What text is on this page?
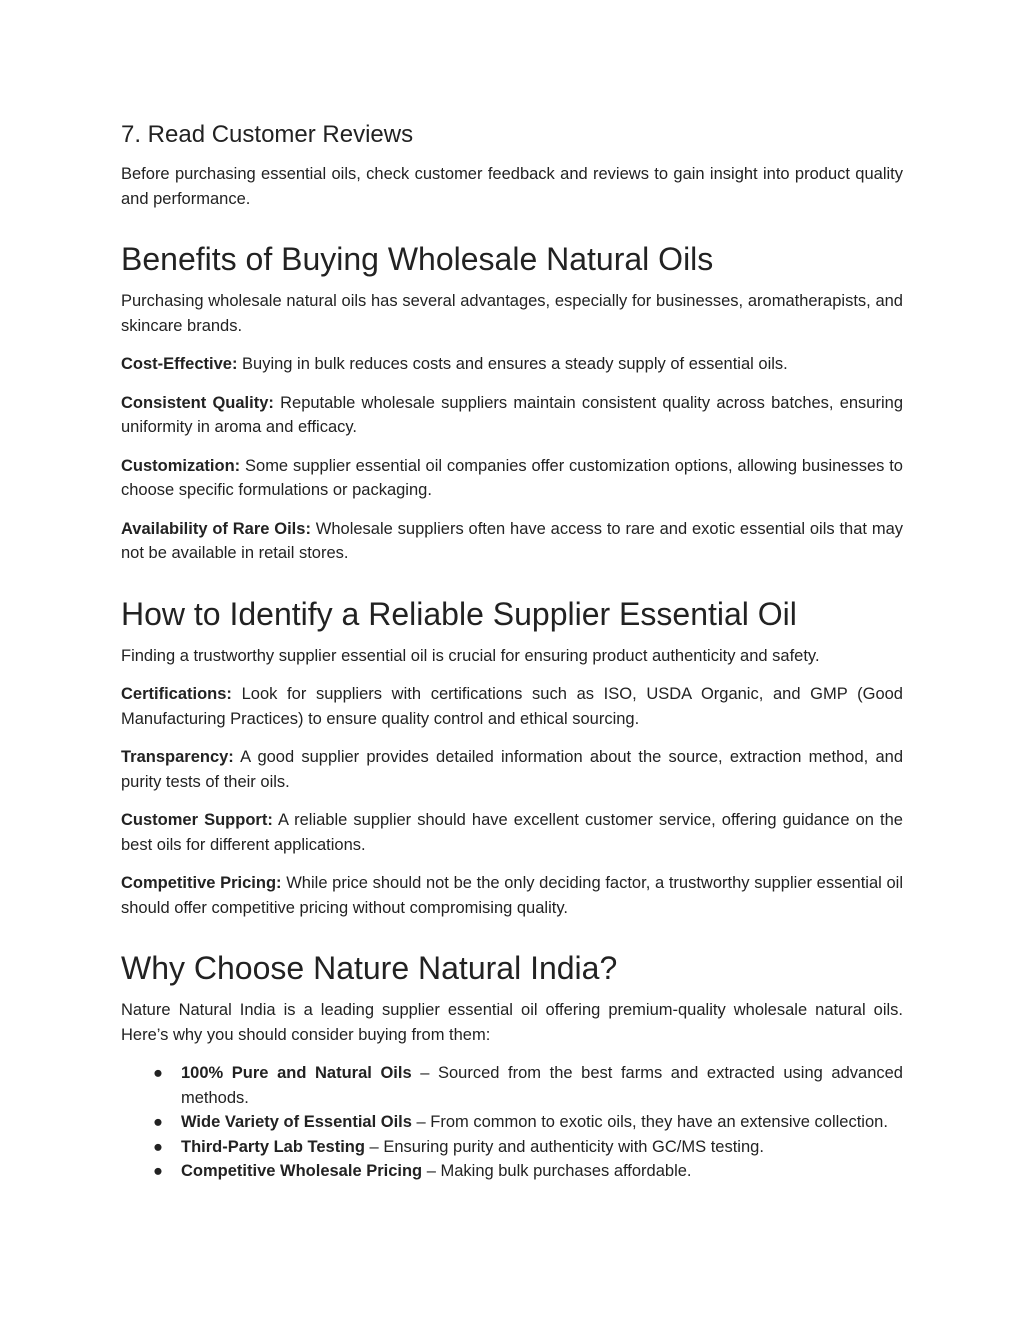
7. Read Customer Reviews

Before purchasing essential oils, check customer feedback and reviews to gain insight into product quality and performance.

Benefits of Buying Wholesale Natural Oils

Purchasing wholesale natural oils has several advantages, especially for businesses, aromatherapists, and skincare brands.

Cost-Effective: Buying in bulk reduces costs and ensures a steady supply of essential oils.

Consistent Quality: Reputable wholesale suppliers maintain consistent quality across batches, ensuring uniformity in aroma and efficacy.

Customization: Some supplier essential oil companies offer customization options, allowing businesses to choose specific formulations or packaging.

Availability of Rare Oils: Wholesale suppliers often have access to rare and exotic essential oils that may not be available in retail stores.

How to Identify a Reliable Supplier Essential Oil

Finding a trustworthy supplier essential oil is crucial for ensuring product authenticity and safety.

Certifications: Look for suppliers with certifications such as ISO, USDA Organic, and GMP (Good Manufacturing Practices) to ensure quality control and ethical sourcing.

Transparency: A good supplier provides detailed information about the source, extraction method, and purity tests of their oils.

Customer Support: A reliable supplier should have excellent customer service, offering guidance on the best oils for different applications.

Competitive Pricing: While price should not be the only deciding factor, a trustworthy supplier essential oil should offer competitive pricing without compromising quality.

Why Choose Nature Natural India?

Nature Natural India is a leading supplier essential oil offering premium-quality wholesale natural oils. Here’s why you should consider buying from them:

● 100% Pure and Natural Oils – Sourced from the best farms and extracted using advanced methods.
● Wide Variety of Essential Oils – From common to exotic oils, they have an extensive collection.
● Third-Party Lab Testing – Ensuring purity and authenticity with GC/MS testing.
● Competitive Wholesale Pricing – Making bulk purchases affordable.
